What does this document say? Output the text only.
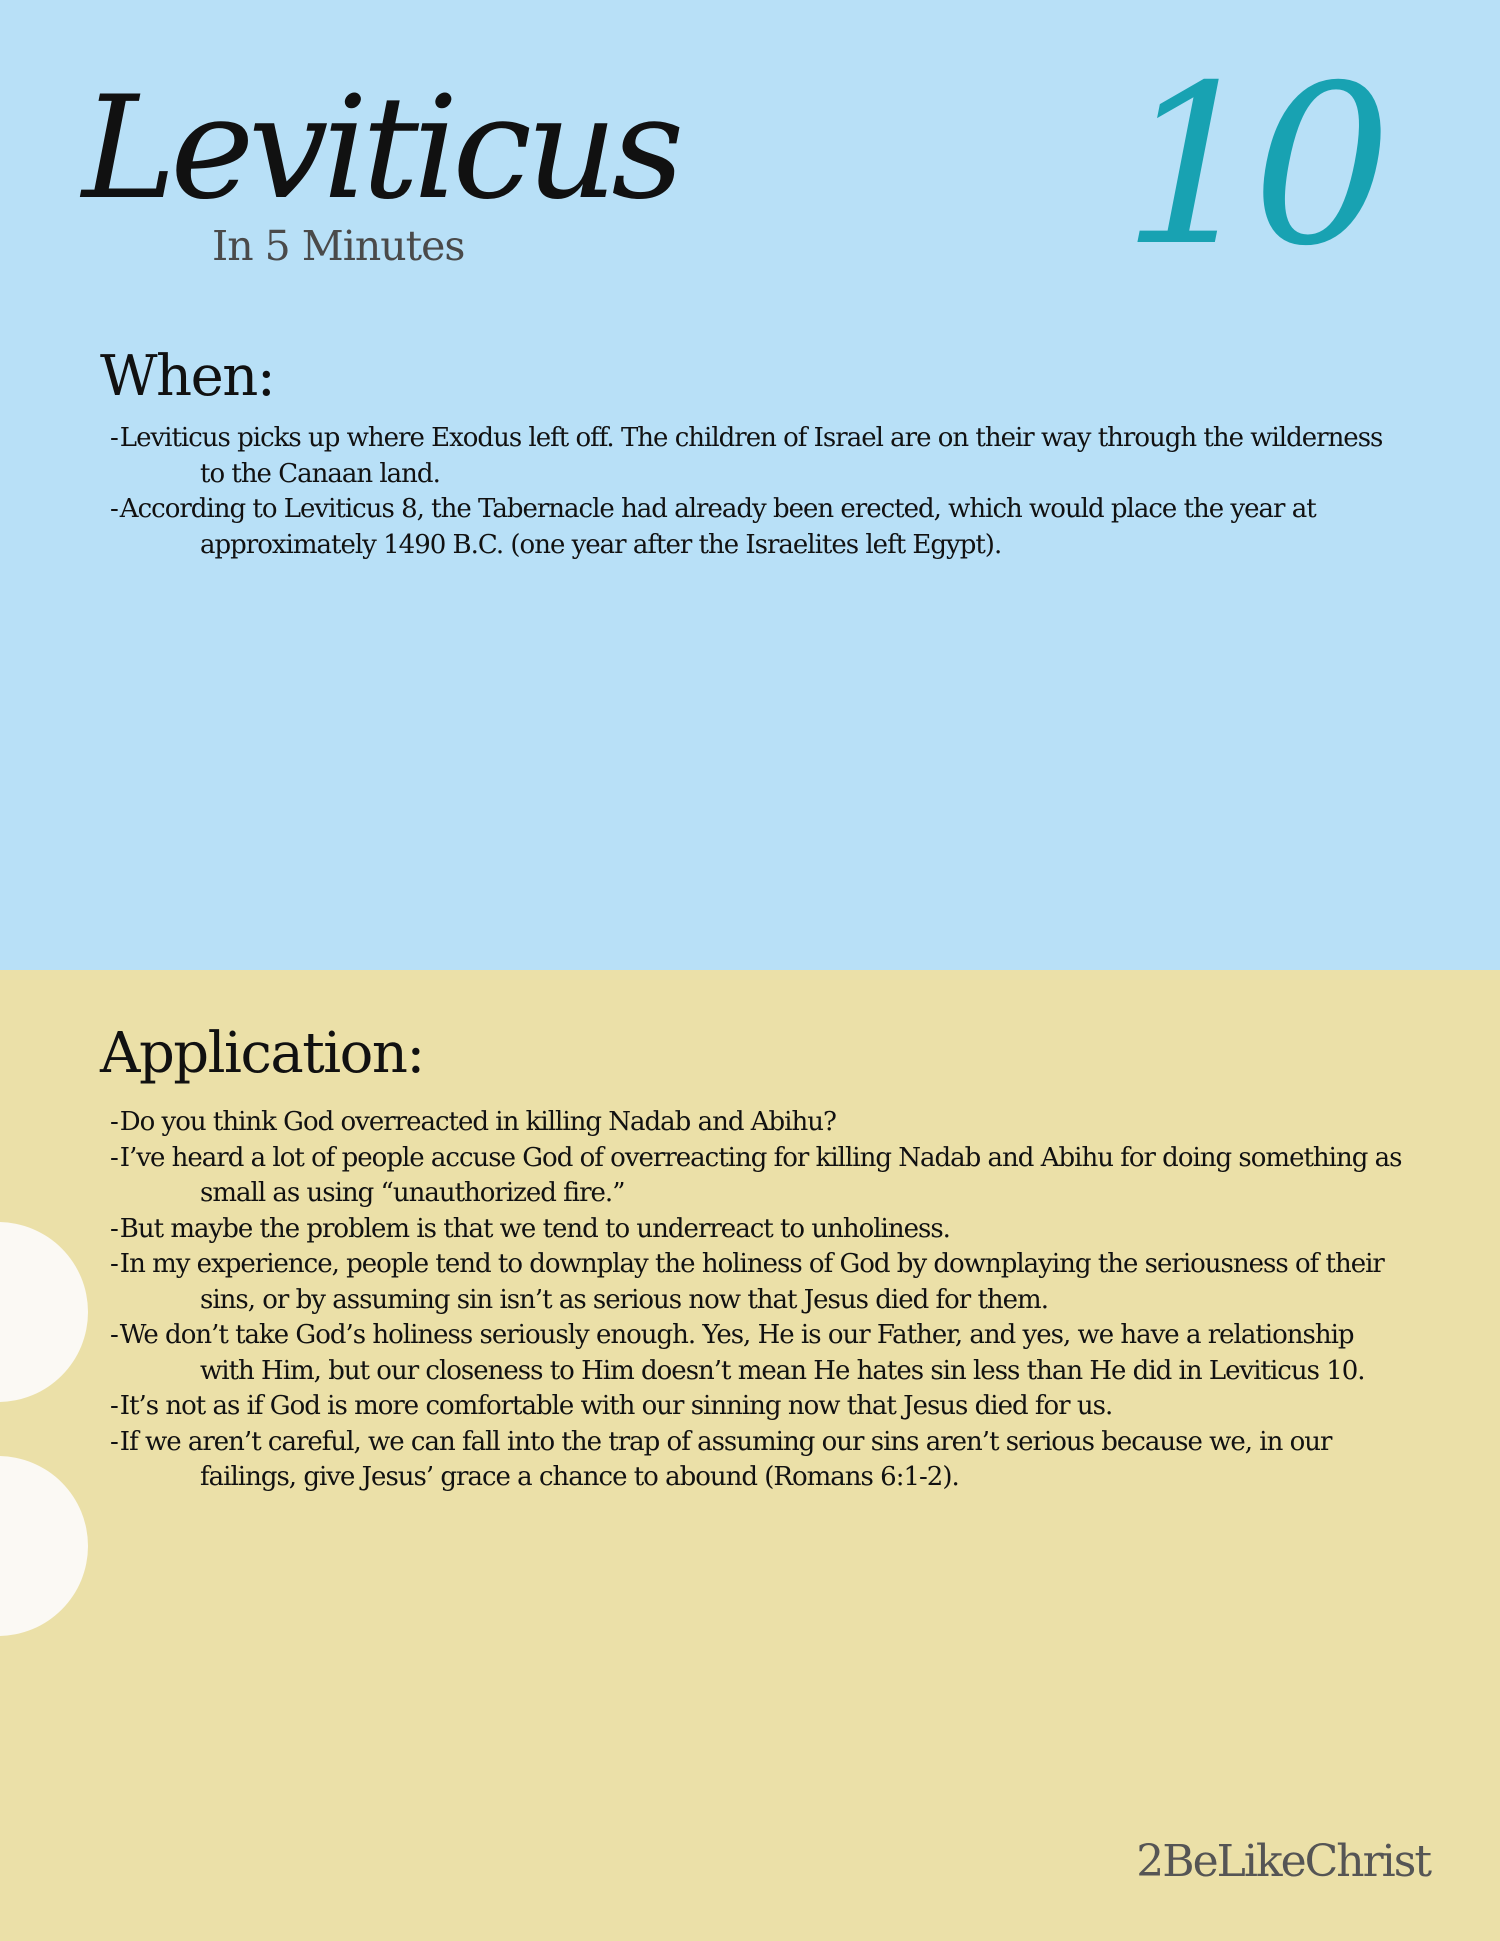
Leviticus
In 5 Minutes	10
When:
-Leviticus picks up where Exodus left off. The children of Israel are on their way through the wilderness to the Canaan land.
-According to Leviticus 8, the Tabernacle had already been erected, which would place the year at approximately 1490 B.C. (one year after the Israelites left Egypt).
Application:
-Do you think God overreacted in killing Nadab and Abihu?
-I’ve heard a lot of people accuse God of overreacting for killing Nadab and Abihu for doing something as small as using “unauthorized fire.”
-But maybe the problem is that we tend to underreact to unholiness.
-In my experience, people tend to downplay the holiness of God by downplaying the seriousness of their sins, or by assuming sin isn’t as serious now that Jesus died for them.
-We don’t take God’s holiness seriously enough. Yes, He is our Father, and yes, we have a relationship with Him, but our closeness to Him doesn’t mean He hates sin less than He did in Leviticus 10.
-It’s not as if God is more comfortable with our sinning now that Jesus died for us.
-If we aren’t careful, we can fall into the trap of assuming our sins aren’t serious because we, in our failings, give Jesus’ grace a chance to abound (Romans 6:1-2).
2BeLikeChrist
